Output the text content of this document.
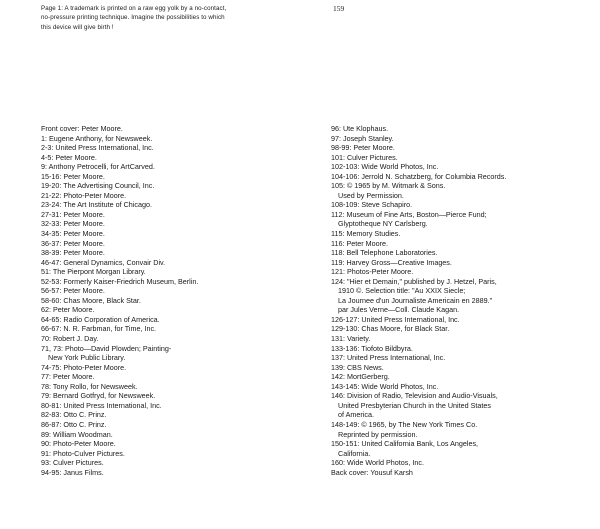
Page 1: A trademark is printed on a raw egg yolk by a no-contact,
no-pressure printing technique. Imagine the possibilities to which
this device will give birth !
159
Front cover: Peter Moore.
1: Eugene Anthony, for Newsweek.
2-3: United Press International, Inc.
4-5: Peter Moore.
9: Anthony Petrocelli, for ArtCarved.
15-16: Peter Moore.
19-20: The Advertising Council, Inc.
21-22: Photo-Peter Moore.
23-24: The Art Institute of Chicago.
27-31: Peter Moore.
32-33: Peter Moore.
34-35: Peter Moore.
36-37: Peter Moore.
38-39: Peter Moore.
46-47: General Dynamics, Convair Div.
51: The Pierpont Morgan Library.
52-53: Formerly Kaiser-Friedrich Museum, Berlin.
56-57: Peter Moore.
58-60: Chas Moore, Black Star.
62: Peter Moore.
64-65: Radio Corporation of America.
66-67: N. R. Farbman, for Time, Inc.
70: Robert J. Day.
71, 73: Photo—David Plowden; Painting-
New York Public Library.
74-75: Photo-Peter Moore.
77: Peter Moore.
78: Tony Rollo, for Newsweek.
79: Bernard Gotfryd, for Newsweek.
80-81: United Press International, Inc.
82-83: Otto C. Prinz.
86-87: Otto C. Prinz.
89: William Woodman.
90: Photo-Peter Moore.
91: Photo-Culver Pictures.
93: Culver Pictures.
94-95: Janus Films.
96: Ute Klophaus.
97: Joseph Stanley.
98-99: Peter Moore.
101: Culver Pictures.
102-103: Wide World Photos, Inc.
104-106: Jerrold N. Schatzberg, for Columbia Records.
105: © 1965 by M. Witmark & Sons.
Used by Permission.
108-109: Steve Schapiro.
112: Museum of Fine Arts, Boston—Pierce Fund;
Glyptotheque NY Carlsberg.
115: Memory Studies.
116: Peter Moore.
118: Bell Telephone Laboratories.
119: Harvey Gross—Creative Images.
121: Photos-Peter Moore.
124: "Hier et Demain," published by J. Hetzel, Paris,
1910 ©. Selection title: "Au XXIX Siecle;
La Journee d'un Journaliste Americain en 2889."
par Jules Verne—Coll. Claude Kagan.
126-127: United Press International, Inc.
129-130: Chas Moore, for Black Star.
131: Variety.
133-136: Tiofoto Bildbyra.
137: United Press International, Inc.
139: CBS News.
142: MortGerberg.
143-145: Wide World Photos, Inc.
146: Division of Radio, Television and Audio-Visuals,
United Presbyterian Church in the United States
of America.
148-149: © 1965, by The New York Times Co.
Reprinted by permission.
150-151: United California Bank, Los Angeles,
California.
160: Wide World Photos, Inc.
Back cover: Yousuf Karsh
